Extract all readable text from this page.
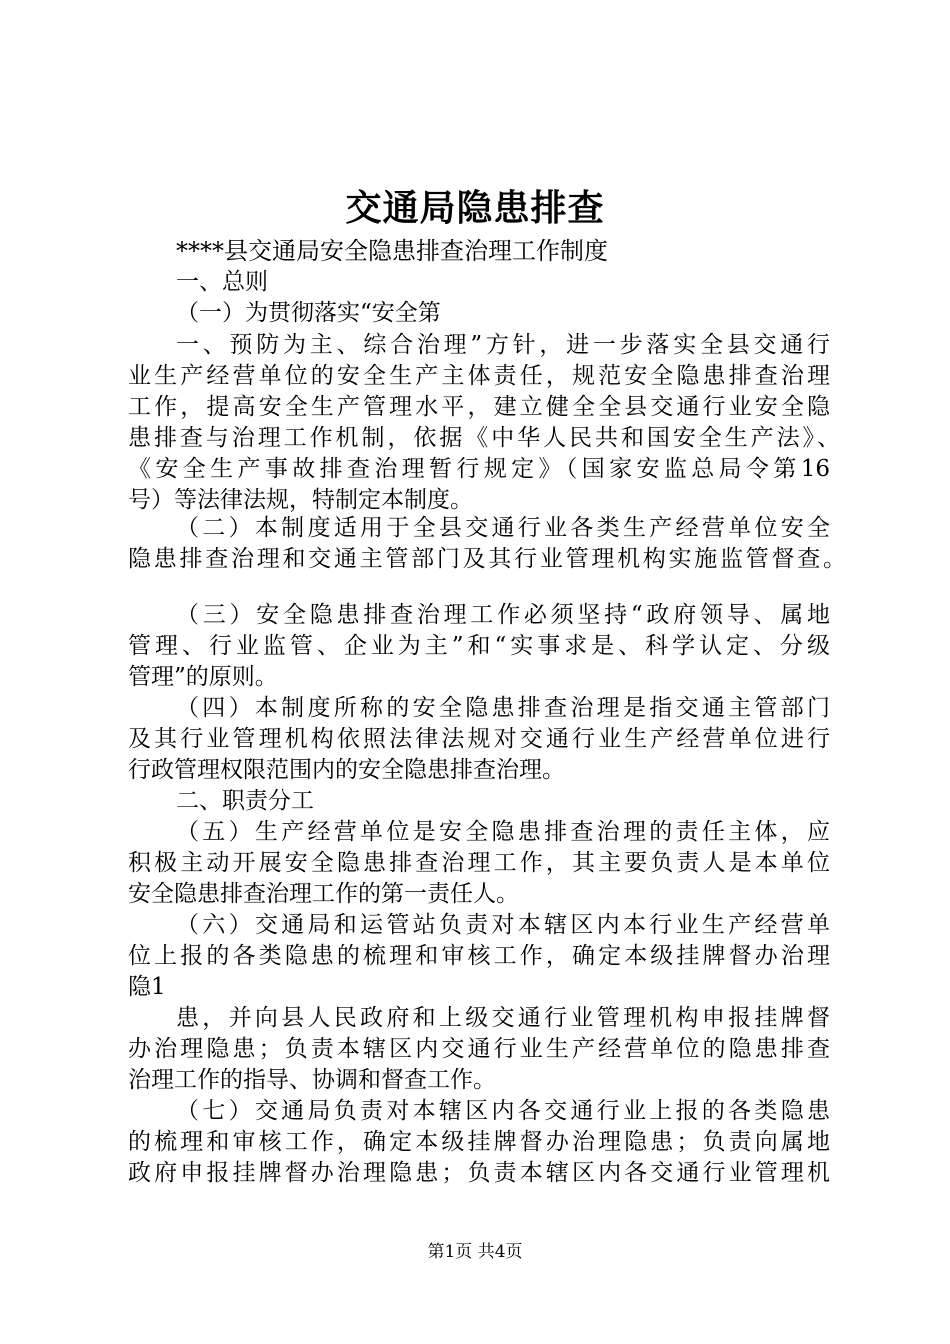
交通局隐患排查
****县交通局安全隐患排查治理工作制度
一、总则
（一）为贯彻落实“安全第
一、预防为主、综合治理”方针，进一步落实全县交通行
业生产经营单位的安全生产主体责任，规范安全隐患排查治理
工作，提高安全生产管理水平，建立健全全县交通行业安全隐
患排查与治理工作机制，依据《中华人民共和国安全生产法》、
《安全生产事故排查治理暂行规定》（国家安监总局令第16
号）等法律法规，特制定本制度。
（二）本制度适用于全县交通行业各类生产经营单位安全
隐患排查治理和交通主管部门及其行业管理机构实施监管督查。
（三）安全隐患排查治理工作必须坚持“政府领导、属地
管理、行业监管、企业为主”和“实事求是、科学认定、分级
管理”的原则。
（四）本制度所称的安全隐患排查治理是指交通主管部门
及其行业管理机构依照法律法规对交通行业生产经营单位进行
行政管理权限范围内的安全隐患排查治理。
二、职责分工
（五）生产经营单位是安全隐患排查治理的责任主体，应
积极主动开展安全隐患排查治理工作，其主要负责人是本单位
安全隐患排查治理工作的第一责任人。
（六）交通局和运管站负责对本辖区内本行业生产经营单
位上报的各类隐患的梳理和审核工作，确定本级挂牌督办治理
隐1
患，并向县人民政府和上级交通行业管理机构申报挂牌督
办治理隐患；负责本辖区内交通行业生产经营单位的隐患排查
治理工作的指导、协调和督查工作。
（七）交通局负责对本辖区内各交通行业上报的各类隐患
的梳理和审核工作，确定本级挂牌督办治理隐患；负责向属地
政府申报挂牌督办治理隐患；负责本辖区内各交通行业管理机
第1页 共4页
